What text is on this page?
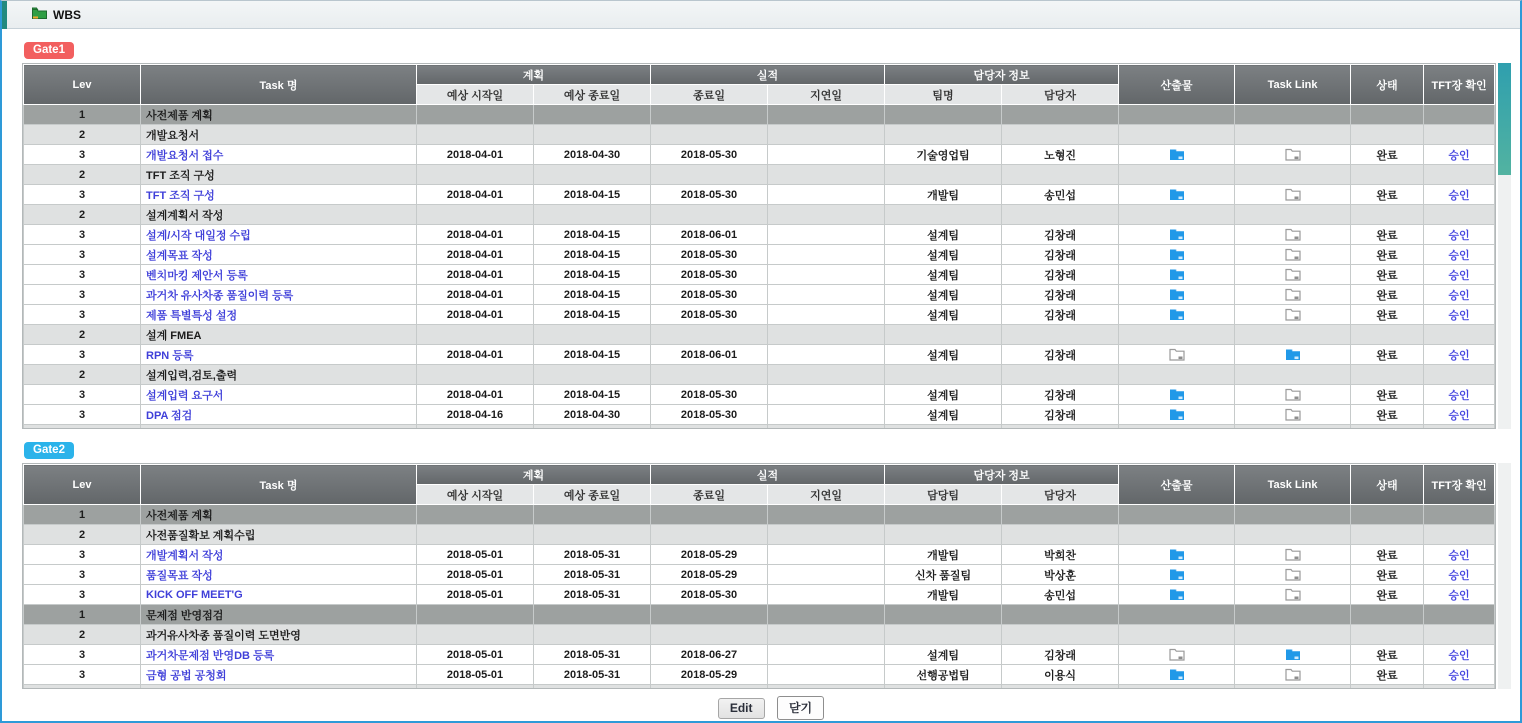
WBS
Gate1
Lev	Task 명	계획		실적		담당자 정보		산출물	Task Link	상태	TFT장 확인
		예상 시작일	예상 종료일	종료일	지연일	팀명	담당자				
1	사전제품 계획										
2	개발요청서										
3	개발요청서 접수	2018-04-01	2018-04-30	2018-05-30		기술영업팀	노형진			완료	승인
2	TFT 조직 구성										
3	TFT 조직 구성	2018-04-01	2018-04-15	2018-05-30		개발팀	송민섭			완료	승인
2	설계계획서 작성										
3	설계/시작 대일정 수립	2018-04-01	2018-04-15	2018-06-01		설계팀	김창래			완료	승인
3	설계목표 작성	2018-04-01	2018-04-15	2018-05-30		설계팀	김창래			완료	승인
3	벤치마킹 제안서 등록	2018-04-01	2018-04-15	2018-05-30		설계팀	김창래			완료	승인
3	과거차 유사차종 품질이력 등록	2018-04-01	2018-04-15	2018-05-30		설계팀	김창래			완료	승인
3	제품 특별특성 설정	2018-04-01	2018-04-15	2018-05-30		설계팀	김창래			완료	승인
2	설계 FMEA										
3	RPN 등록	2018-04-01	2018-04-15	2018-06-01		설계팀	김창래			완료	승인
2	설계입력,검토,출력										
3	설계입력 요구서	2018-04-01	2018-04-15	2018-05-30		설계팀	김창래			완료	승인
3	DPA 점검	2018-04-16	2018-04-30	2018-05-30		설계팀	김창래			완료	승인

Gate2
Lev	Task 명	계획		실적		담당자 정보		산출물	Task Link	상태	TFT장 확인
		예상 시작일	예상 종료일	종료일	지연일	담당팀	담당자				
1	사전제품 계획										
2	사전품질확보 계획수립										
3	개발계획서 작성	2018-05-01	2018-05-31	2018-05-29		개발팀	박희찬			완료	승인
3	품질목표 작성	2018-05-01	2018-05-31	2018-05-29		신차 품질팀	박상훈			완료	승인
3	KICK OFF MEET'G	2018-05-01	2018-05-31	2018-05-30		개발팀	송민섭			완료	승인
1	문제점 반영점검										
2	과거유사차종 품질이력 도면반영										
3	과거차문제점 반영DB 등록	2018-05-01	2018-05-31	2018-06-27		설계팀	김창래			완료	승인
3	금형 공법 공청회	2018-05-01	2018-05-31	2018-05-29		선행공법팀	이용식			완료	승인

Edit	닫기
